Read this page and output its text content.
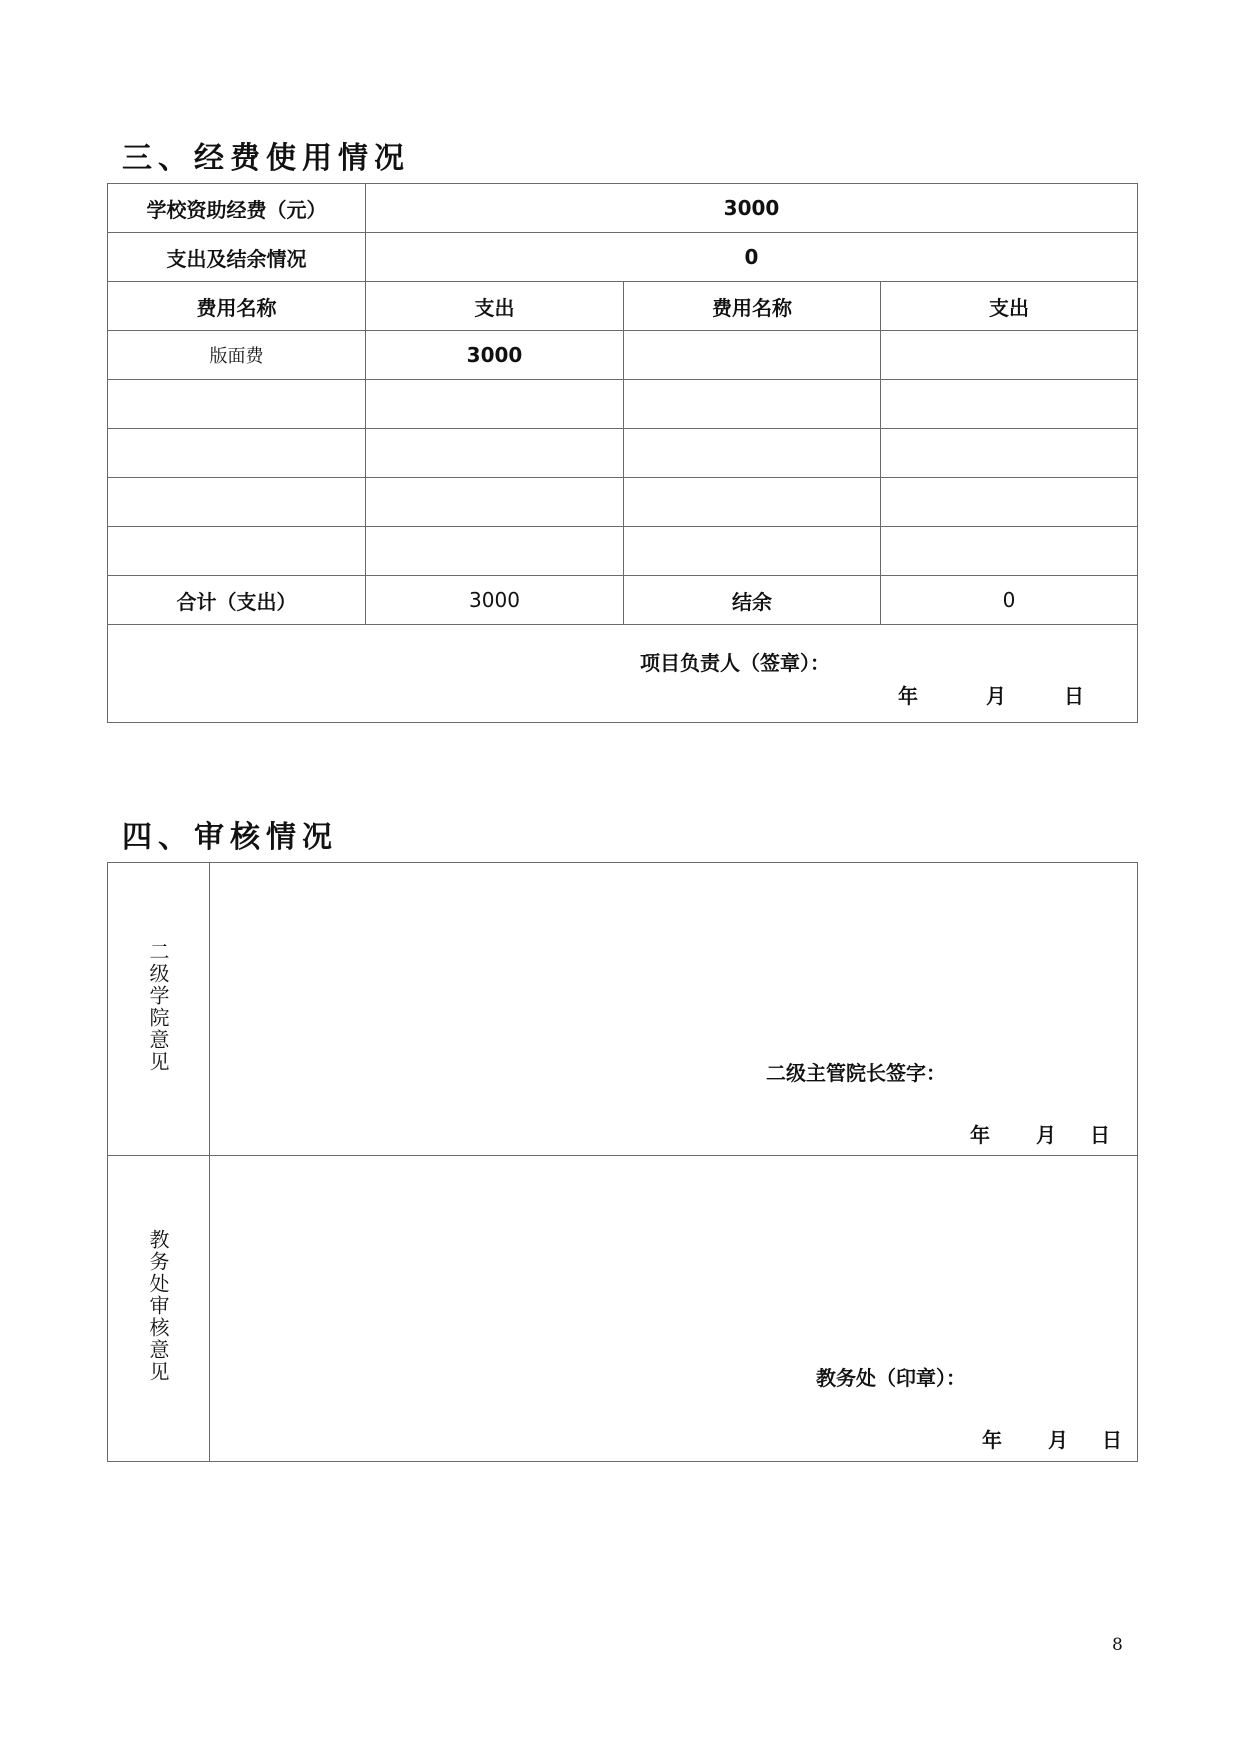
三、经费使用情况
学校资助经费（元）	3000		
支出及结余情况	0		
费用名称	支出	费用名称	支出
版面费	3000		

合计（支出）	3000	结余	0

项目负责人（签章）：
年 月 日			
四、审核情况
二级学院意见	二级主管院长签字：
年 月 日

教务处审核意见	教务处（印章）：
年 月 日
8
